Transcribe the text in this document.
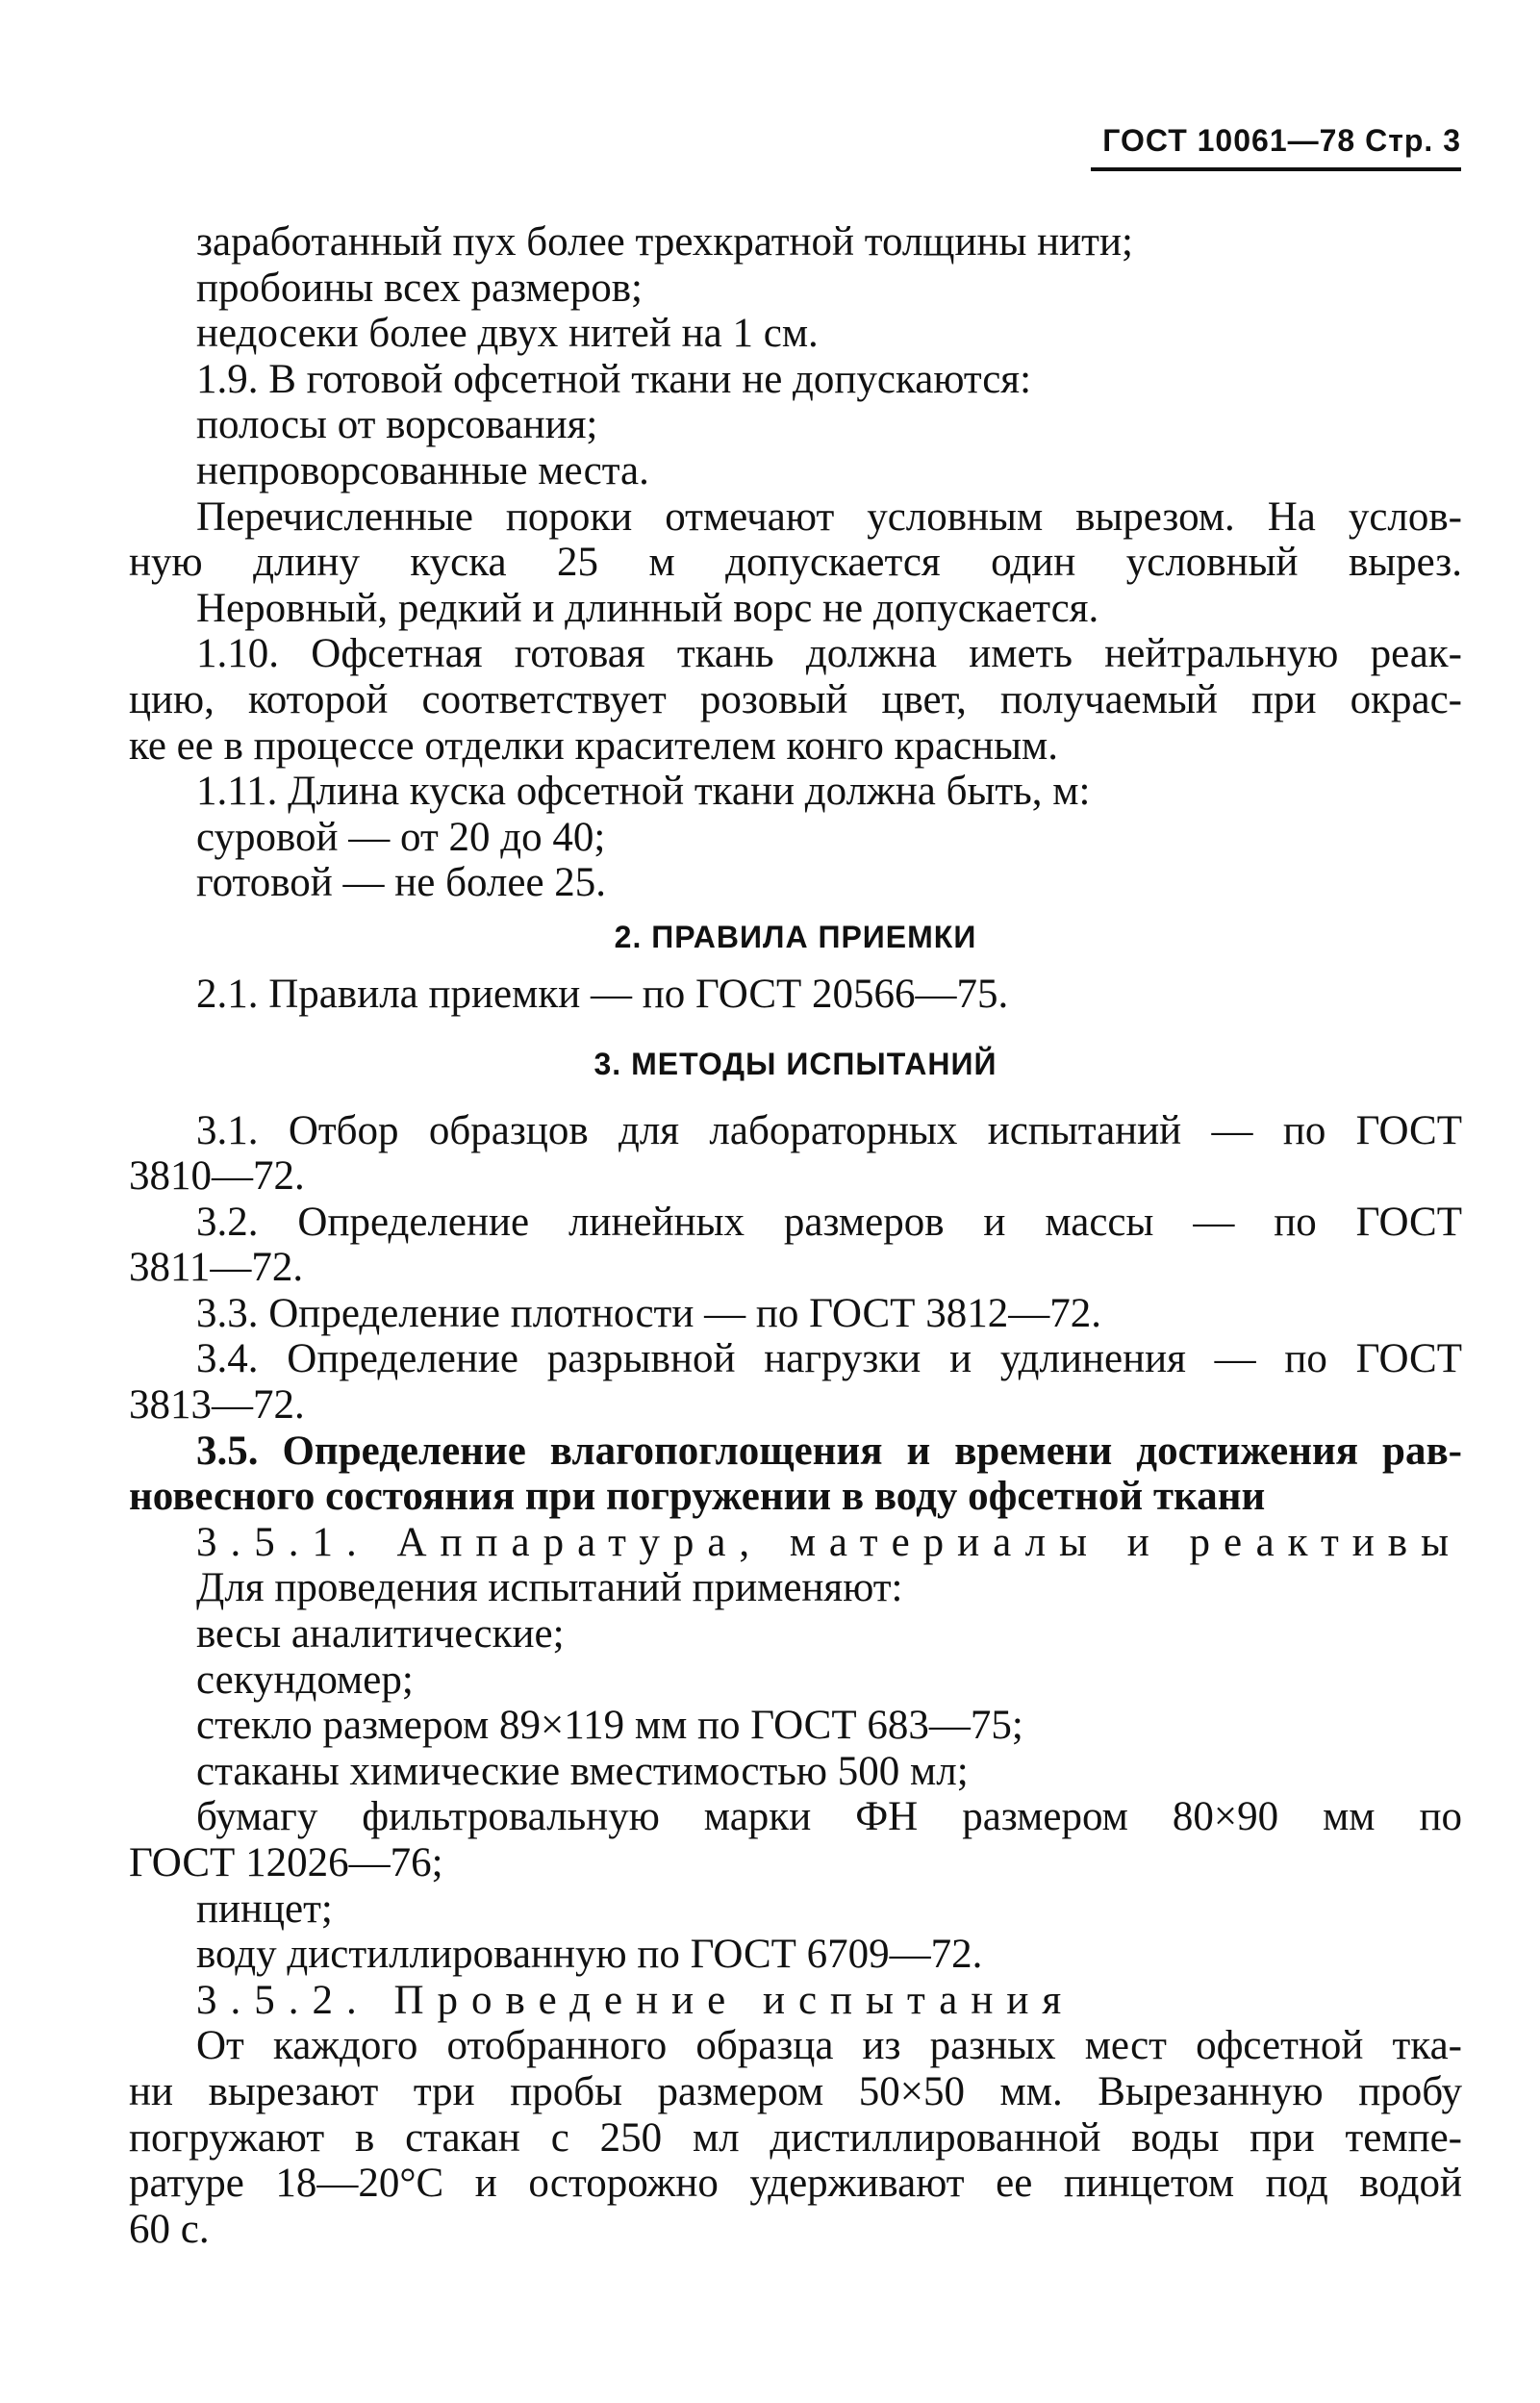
ГОСТ 10061—78 Стр. 3
заработанный пух более трехкратной толщины нити;
пробоины всех размеров;
недосеки более двух нитей на 1 см.
1.9. В готовой офсетной ткани не допускаются:
полосы от ворсования;
непроворсованные места.
Перечисленные пороки отмечают условным вырезом. На услов-
ную длину куска 25 м допускается один условный вырез.
Неровный, редкий и длинный ворс не допускается.
1.10. Офсетная готовая ткань должна иметь нейтральную реак-
цию, которой соответствует розовый цвет, получаемый при окрас-
ке ее в процессе отделки красителем конго красным.
1.11. Длина куска офсетной ткани должна быть, м:
суровой — от 20 до 40;
готовой — не более 25.
2. ПРАВИЛА ПРИЕМКИ
2.1. Правила приемки — по ГОСТ 20566—75.
3. МЕТОДЫ ИСПЫТАНИЙ
3.1. Отбор образцов для лабораторных испытаний — по ГОСТ
3810—72.
3.2. Определение линейных размеров и массы — по ГОСТ
3811—72.
3.3. Определение плотности — по ГОСТ 3812—72.
3.4. Определение разрывной нагрузки и удлинения — по ГОСТ
3813—72.
3.5. Определение влагопоглощения и времени достижения рав-
новесного состояния при погружении в воду офсетной ткани
3.5.1. Аппаратура, материалы и реактивы
Для проведения испытаний применяют:
весы аналитические;
секундомер;
стекло размером 89×119 мм по ГОСТ 683—75;
стаканы химические вместимостью 500 мл;
бумагу фильтровальную марки ФН размером 80×90 мм по
ГОСТ 12026—76;
пинцет;
воду дистиллированную по ГОСТ 6709—72.
3.5.2. Проведение испытания
От каждого отобранного образца из разных мест офсетной тка-
ни вырезают три пробы размером 50×50 мм. Вырезанную пробу
погружают в стакан с 250 мл дистиллированной воды при темпе-
ратуре 18—20°С и осторожно удерживают ее пинцетом под водой
60 с.
